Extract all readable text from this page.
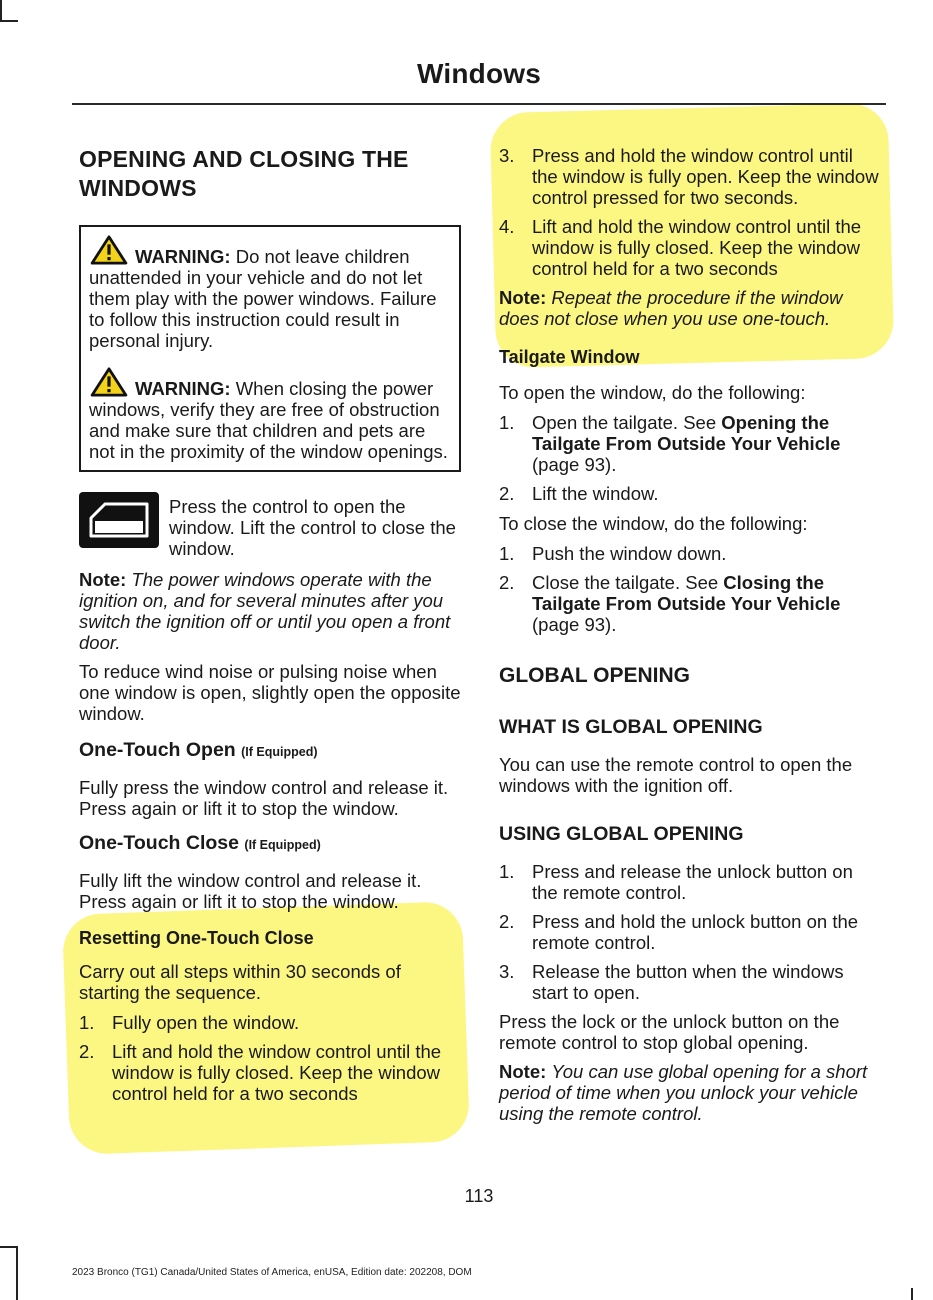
Windows
OPENING AND CLOSING THE WINDOWS

WARNING: Do not leave children unattended in your vehicle and do not let them play with the power windows. Failure to follow this instruction could result in personal injury.

WARNING: When closing the power windows, verify they are free of obstruction and make sure that children and pets are not in the proximity of the window openings.

Press the control to open the window. Lift the control to close the window.

Note: The power windows operate with the ignition on, and for several minutes after you switch the ignition off or until you open a front door.

To reduce wind noise or pulsing noise when one window is open, slightly open the opposite window.

One-Touch Open (If Equipped)

Fully press the window control and release it. Press again or lift it to stop the window.

One-Touch Close (If Equipped)

Fully lift the window control and release it. Press again or lift it to stop the window.

Resetting One-Touch Close

Carry out all steps within 30 seconds of starting the sequence.

1. Fully open the window.
2. Lift and hold the window control until the window is fully closed. Keep the window control held for a two seconds
3. Press and hold the window control until the window is fully open. Keep the window control pressed for two seconds.
4. Lift and hold the window control until the window is fully closed. Keep the window control held for a two seconds

Note: Repeat the procedure if the window does not close when you use one-touch.

Tailgate Window

To open the window, do the following:

1. Open the tailgate. See Opening the Tailgate From Outside Your Vehicle (page 93).
2. Lift the window.

To close the window, do the following:

1. Push the window down.
2. Close the tailgate. See Closing the Tailgate From Outside Your Vehicle (page 93).
GLOBAL OPENING
WHAT IS GLOBAL OPENING

You can use the remote control to open the windows with the ignition off.

USING GLOBAL OPENING
1. Press and release the unlock button on the remote control.
2. Press and hold the unlock button on the remote control.
3. Release the button when the windows start to open.

Press the lock or the unlock button on the remote control to stop global opening.

Note: You can use global opening for a short period of time when you unlock your vehicle using the remote control.

113
2023 Bronco (TG1) Canada/United States of America, enUSA, Edition date: 202208, DOM
